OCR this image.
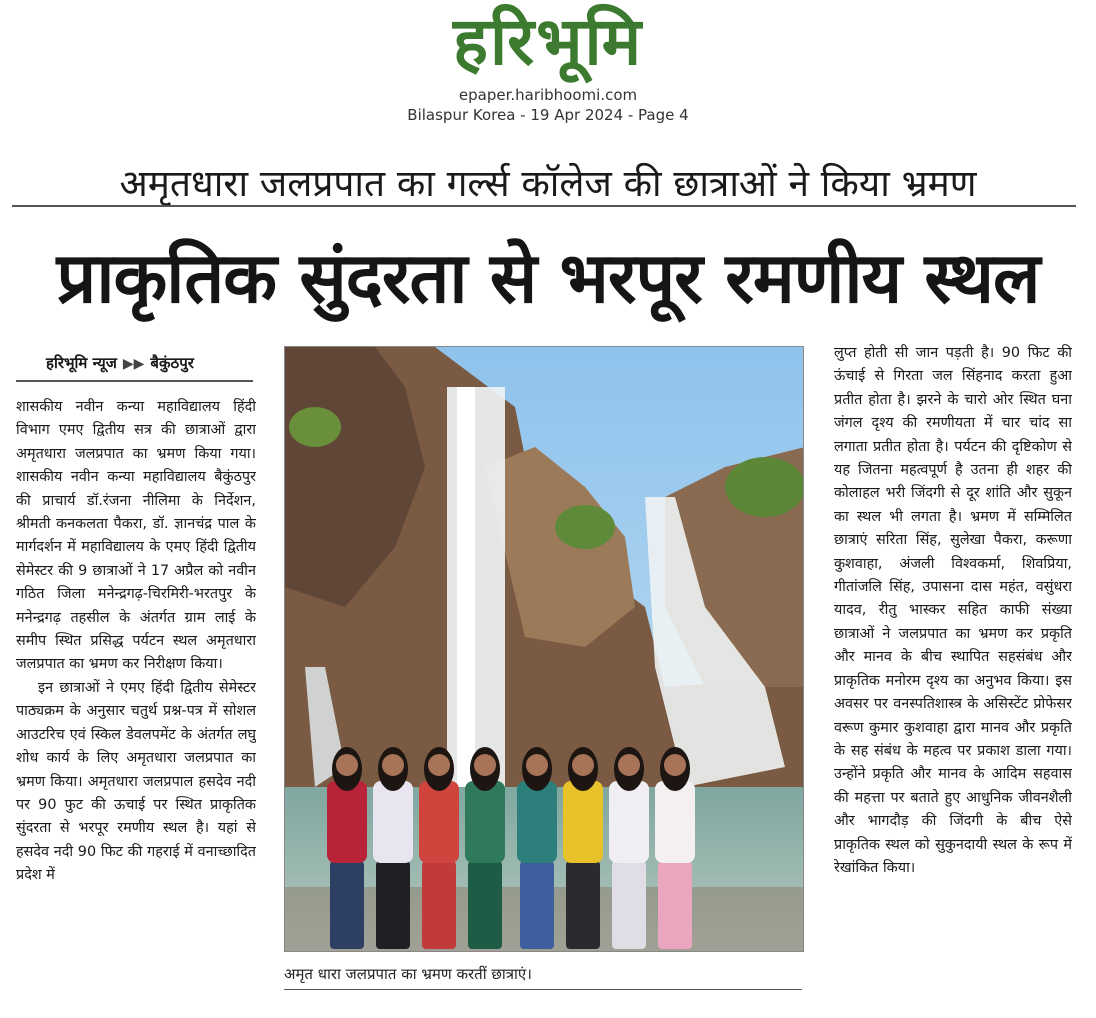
हरिभूमि
epaper.haribhoomi.com
Bilaspur Korea - 19 Apr 2024 - Page 4
अमृतधारा जलप्रपात का गर्ल्स कॉलेज की छात्राओं ने किया भ्रमण
प्राकृतिक सुंदरता से भरपूर रमणीय स्थल
हरिभूमि न्यूज ▶▶ बैकुंठपुर

शासकीय नवीन कन्या महाविद्यालय हिंदी विभाग एमए द्वितीय सत्र की छात्राओं द्वारा अमृतधारा जलप्रपात का भ्रमण किया गया। शासकीय नवीन कन्या महाविद्यालय बैकुंठपुर की प्राचार्य डॉ.रंजना नीलिमा के निर्देशन, श्रीमती कनकलता पैकरा, डॉ. ज्ञानचंद्र पाल के मार्गदर्शन में महाविद्यालय के एमए हिंदी द्वितीय सेमेस्टर की 9 छात्राओं ने 17 अप्रैल को नवीन गठित जिला मनेन्द्रगढ़-चिरमिरी-भरतपुर के मनेन्द्रगढ़ तहसील के अंतर्गत ग्राम लाई के समीप स्थित प्रसिद्ध पर्यटन स्थल अमृतधारा जलप्रपात का भ्रमण कर निरीक्षण किया।

इन छात्राओं ने एमए हिंदी द्वितीय सेमेस्टर पाठ्यक्रम के अनुसार चतुर्थ प्रश्न-पत्र में सोशल आउटरिच एवं स्किल डेवलपमेंट के अंतर्गत लघु शोध कार्य के लिए अमृतधारा जलप्रपात का भ्रमण किया। अमृतधारा जलप्रपाल हसदेव नदी पर 90 फुट की ऊचाई पर स्थित प्राकृतिक सुंदरता से भरपूर रमणीय स्थल है। यहां से हसदेव नदी 90 फिट की गहराई में वनाच्छादित प्रदेश में

अमृत धारा जलप्रपात का भ्रमण करतीं छात्राएं।

लुप्त होती सी जान पड़ती है। 90 फिट की ऊंचाई से गिरता जल सिंहनाद करता हुआ प्रतीत होता है। झरने के चारो ओर स्थित घना जंगल दृश्य की रमणीयता में चार चांद सा लगाता प्रतीत होता है। पर्यटन की दृष्टिकोण से यह जितना महत्वपूर्ण है उतना ही शहर की कोलाहल भरी जिंदगी से दूर शांति और सुकून का स्थल भी लगता है। भ्रमण में सम्मिलित छात्राएं सरिता सिंह, सुलेखा पैकरा, करूणा कुशवाहा, अंजली विश्वकर्मा, शिवप्रिया, गीतांजलि सिंह, उपासना दास महंत, वसुंधरा यादव, रीतु भास्कर सहित काफी संख्या छात्राओं ने जलप्रपात का भ्रमण कर प्रकृति और मानव के बीच स्थापित सहसंबंध और प्राकृतिक मनोरम दृश्य का अनुभव किया। इस अवसर पर वनस्पतिशास्त्र के असिस्टेंट प्रोफेसर वरूण कुमार कुशवाहा द्वारा मानव और प्रकृति के सह संबंध के महत्व पर प्रकाश डाला गया। उन्होंने प्रकृति और मानव के आदिम सहवास की महत्ता पर बताते हुए आधुनिक जीवनशैली और भागदौड़ की जिंदगी के बीच ऐसे प्राकृतिक स्थल को सुकुनदायी स्थल के रूप में रेखांकित किया।
